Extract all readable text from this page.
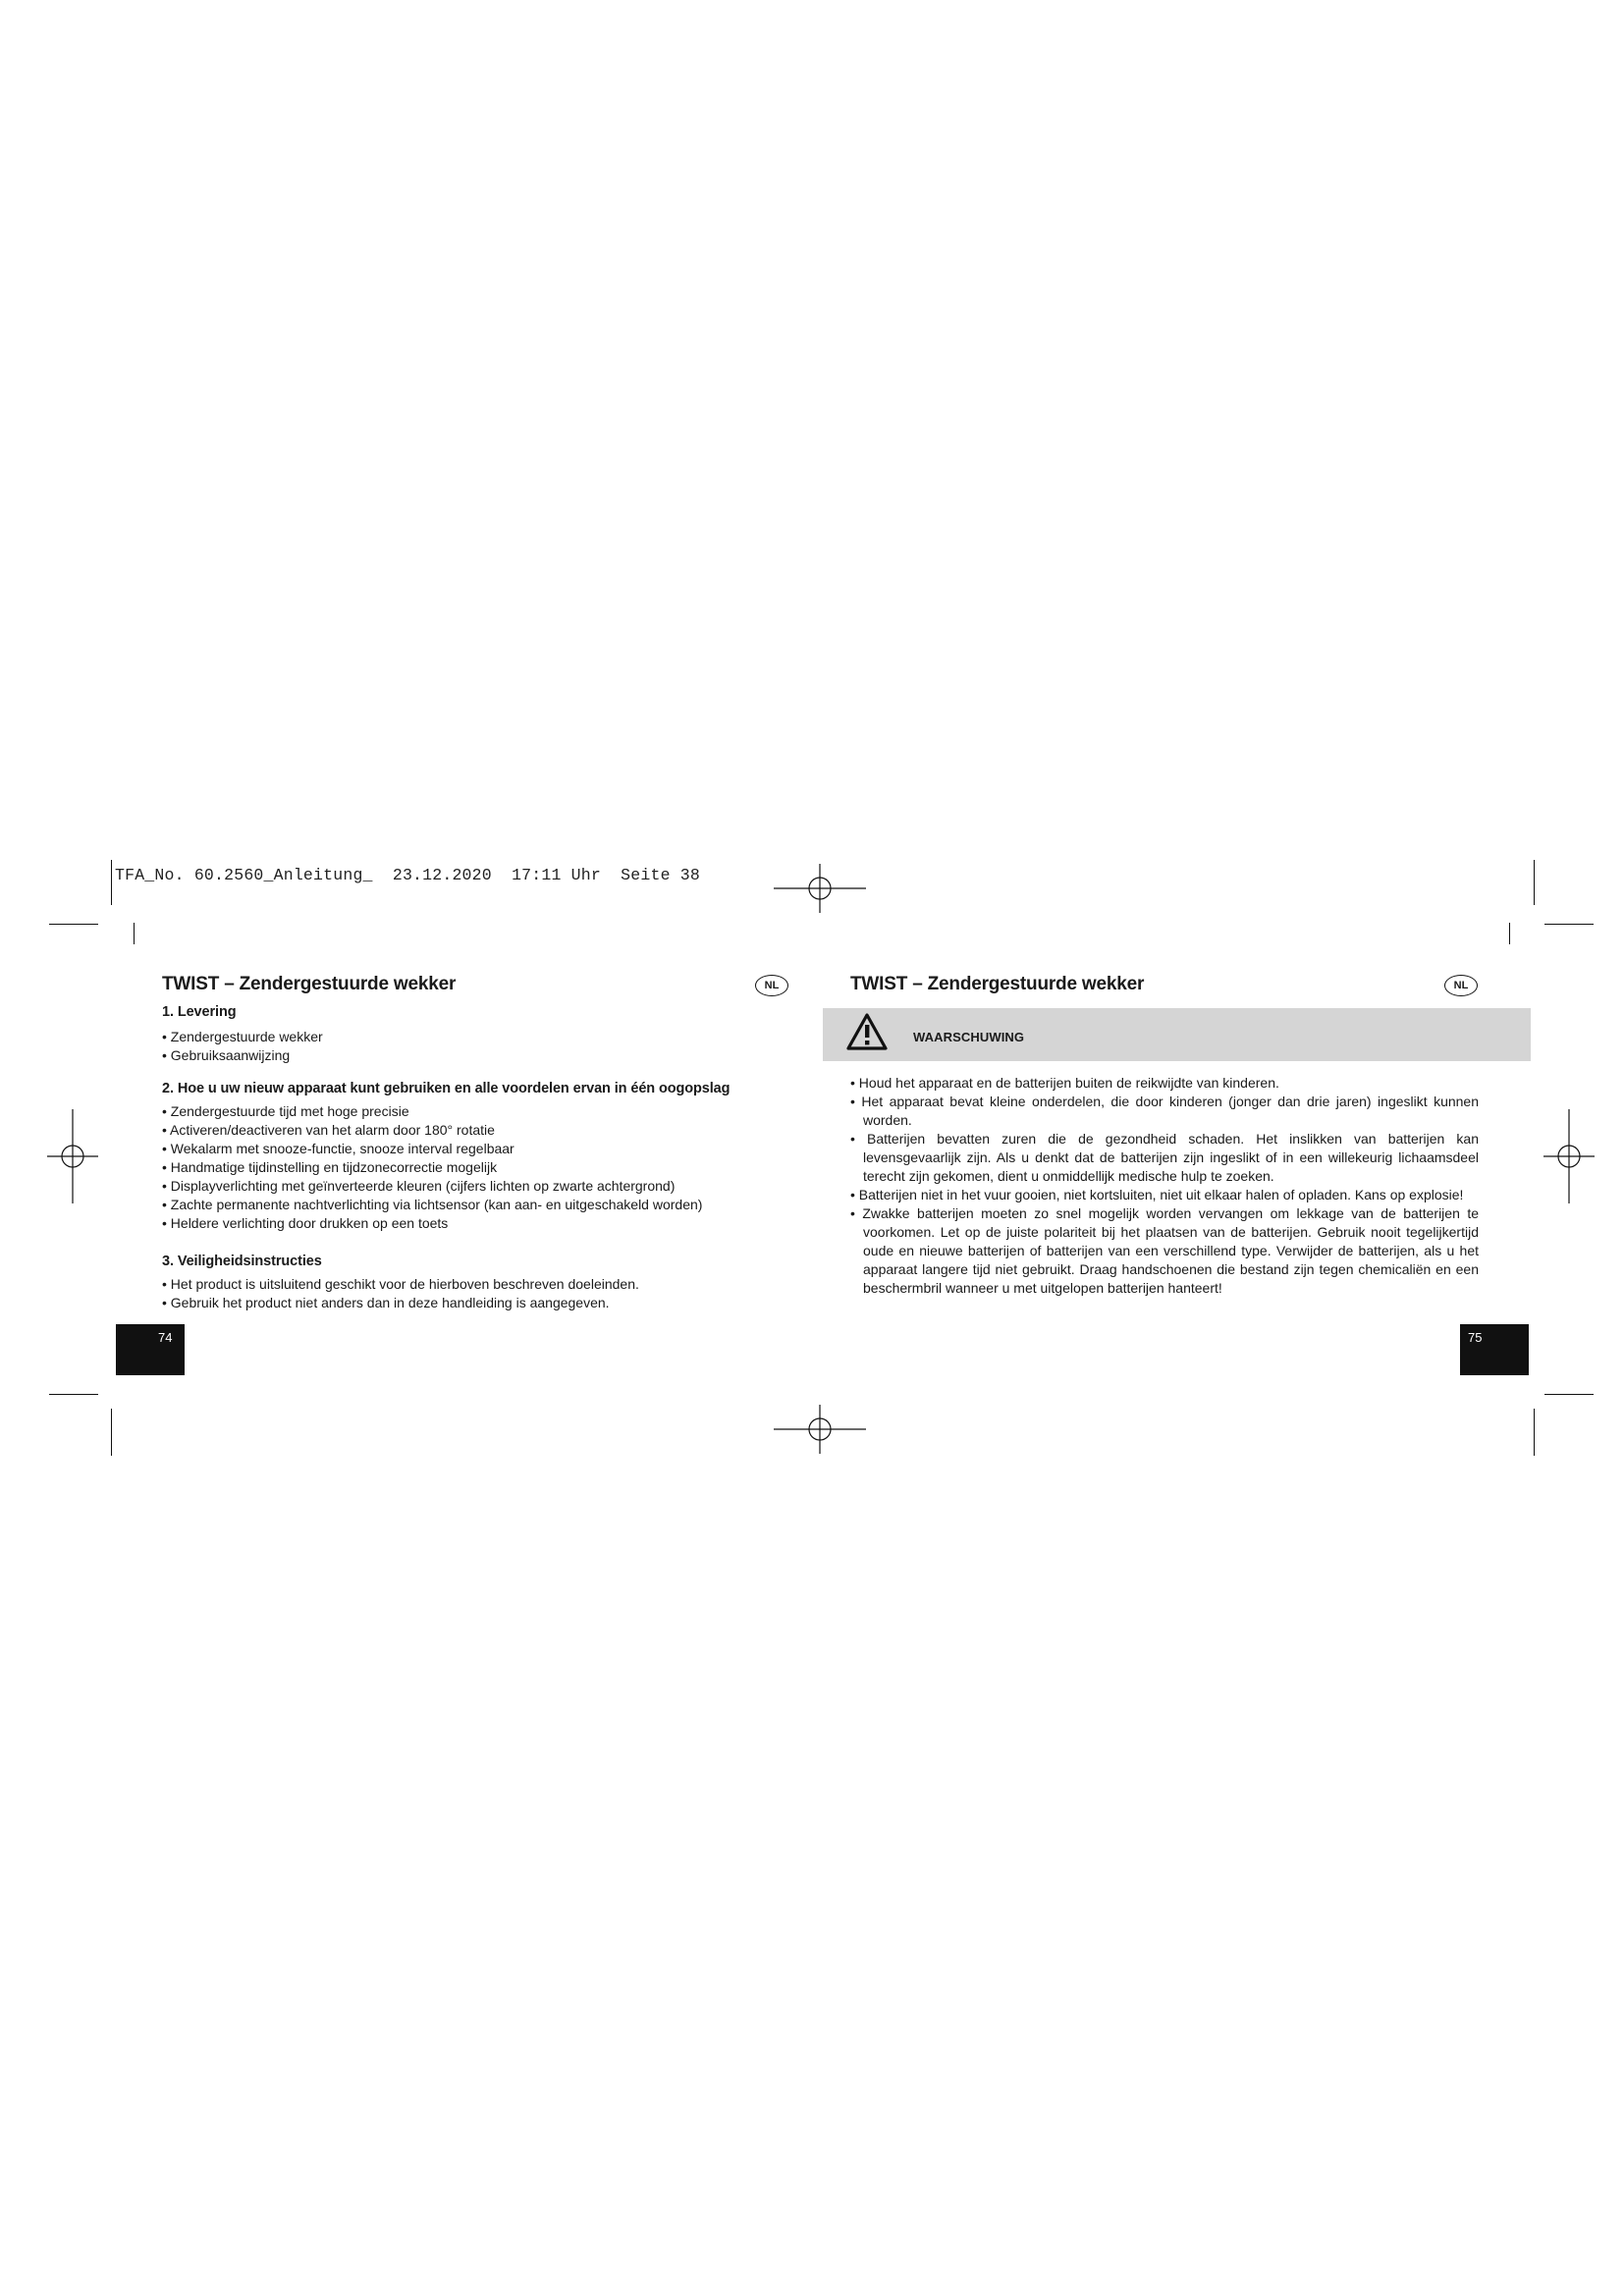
TFA_No. 60.2560_Anleitung_  23.12.2020  17:11 Uhr  Seite 38
TWIST – Zendergestuurde wekker	NL
1. Levering
• Zendergestuurde wekker
• Gebruiksaanwijzing
2. Hoe u uw nieuw apparaat kunt gebruiken en alle voordelen ervan in één oogopslag
• Zendergestuurde tijd met hoge precisie
• Activeren/deactiveren van het alarm door 180° rotatie
• Wekalarm met snooze-functie, snooze interval regelbaar
• Handmatige tijdinstelling en tijdzonecorrectie mogelijk
• Displayverlichting met geïnverteerde kleuren (cijfers lichten op zwarte achtergrond)
• Zachte permanente nachtverlichting via lichtsensor (kan aan- en uitgeschakeld worden)
• Heldere verlichting door drukken op een toets
3. Veiligheidsinstructies
• Het product is uitsluitend geschikt voor de hierboven beschreven doeleinden.
• Gebruik het product niet anders dan in deze handleiding is aangegeven.
74
TWIST – Zendergestuurde wekker	NL
WAARSCHUWING
• Houd het apparaat en de batterijen buiten de reikwijdte van kinderen.
• Het apparaat bevat kleine onderdelen, die door kinderen (jonger dan drie jaren) ingeslikt kunnen worden.
• Batterijen bevatten zuren die de gezondheid schaden. Het inslikken van batterijen kan levensgevaarlijk zijn. Als u denkt dat de batterijen zijn ingeslikt of in een willekeurig lichaamsdeel terecht zijn gekomen, dient u onmiddellijk medische hulp te zoeken.
• Batterijen niet in het vuur gooien, niet kortsluiten, niet uit elkaar halen of opladen. Kans op explosie!
• Zwakke batterijen moeten zo snel mogelijk worden vervangen om lekkage van de batterijen te voorkomen. Let op de juiste polariteit bij het plaatsen van de batterijen. Gebruik nooit tegelijkertijd oude en nieuwe batterijen of batterijen van een verschillend type. Verwijder de batterijen, als u het apparaat langere tijd niet gebruikt. Draag handschoenen die bestand zijn tegen chemicaliën en een beschermbril wanneer u met uitgelopen batterijen hanteert!
75
